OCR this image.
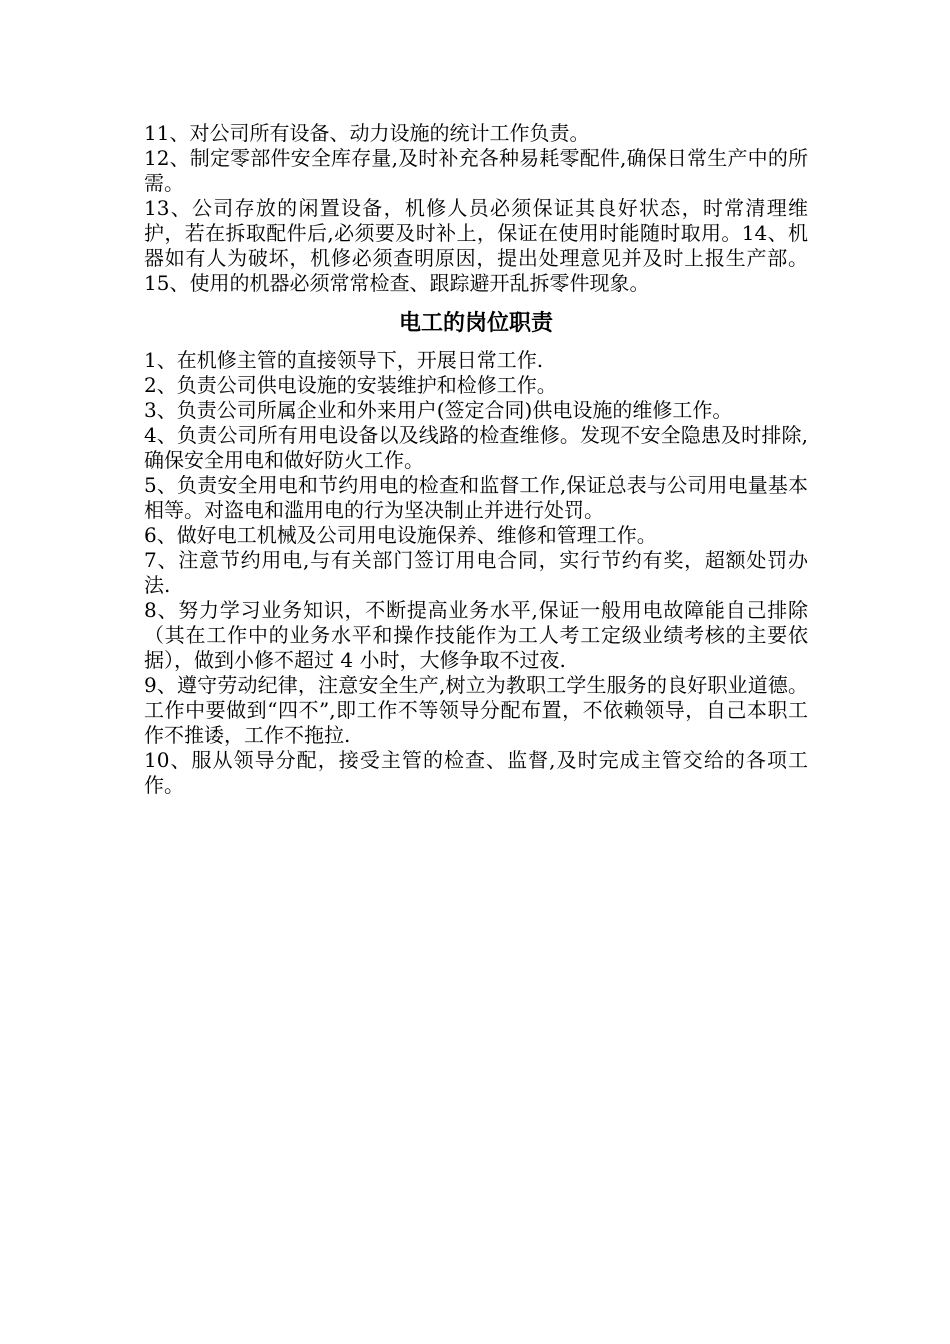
11、对公司所有设备、动力设施的统计工作负责。

12、制定零部件安全库存量,及时补充各种易耗零配件,确保日常生产中的所需。

13、公司存放的闲置设备，机修人员必须保证其良好状态，时常清理维护，若在拆取配件后,必须要及时补上，保证在使用时能随时取用。14、机器如有人为破坏，机修必须查明原因，提出处理意见并及时上报生产部。15、使用的机器必须常常检查、跟踪避开乱拆零件现象。

电工的岗位职责

1、在机修主管的直接领导下，开展日常工作.

2、负责公司供电设施的安装维护和检修工作。

3、负责公司所属企业和外来用户(签定合同)供电设施的维修工作。

4、负责公司所有用电设备以及线路的检查维修。发现不安全隐患及时排除,确保安全用电和做好防火工作。

5、负责安全用电和节约用电的检查和监督工作,保证总表与公司用电量基本相等。对盗电和滥用电的行为坚决制止并进行处罚。

6、做好电工机械及公司用电设施保养、维修和管理工作。

7、注意节约用电,与有关部门签订用电合同，实行节约有奖，超额处罚办法.

8、努力学习业务知识，不断提高业务水平,保证一般用电故障能自己排除（其在工作中的业务水平和操作技能作为工人考工定级业绩考核的主要依据），做到小修不超过 4 小时，大修争取不过夜.

9、遵守劳动纪律，注意安全生产,树立为教职工学生服务的良好职业道德。工作中要做到“四不”,即工作不等领导分配布置，不依赖领导，自己本职工作不推诿，工作不拖拉.

10、服从领导分配，接受主管的检查、监督,及时完成主管交给的各项工作。
